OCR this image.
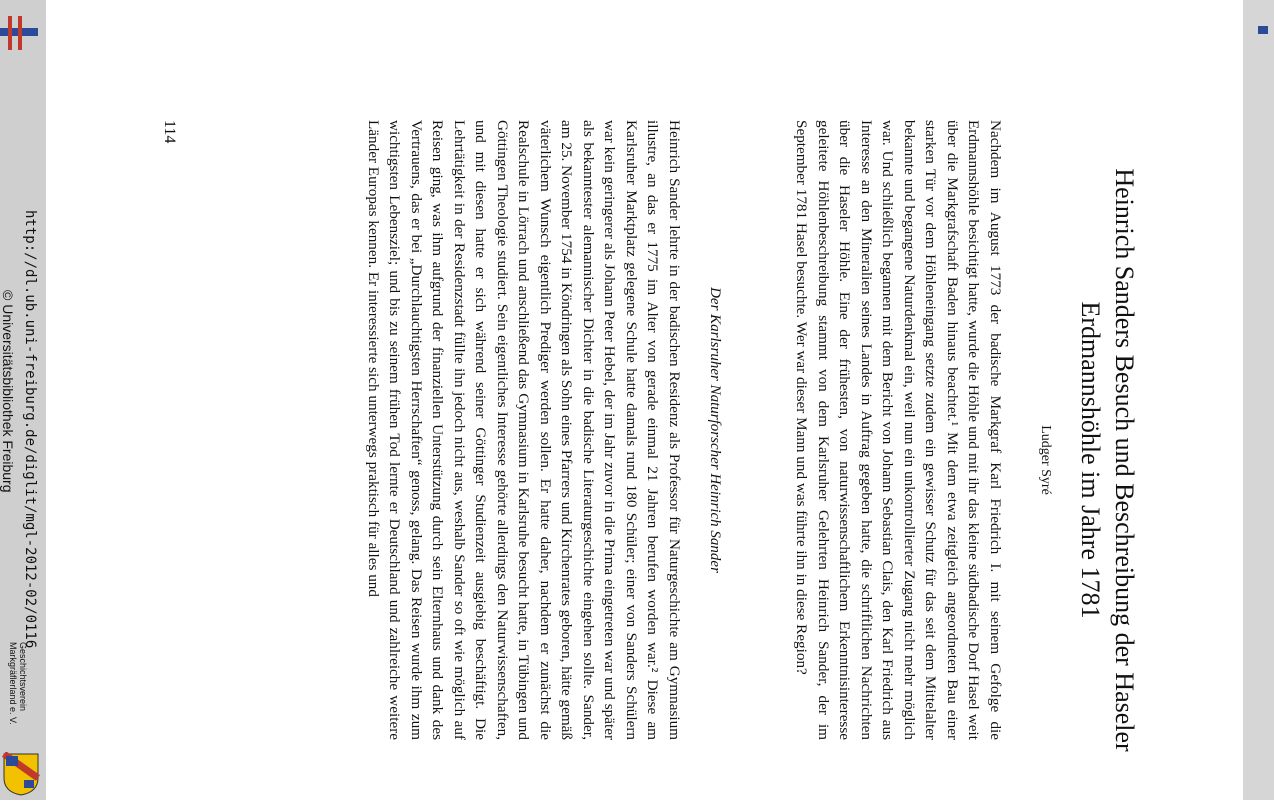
Heinrich Sanders Besuch und Beschreibung der Haseler Erdmannshöhle im Jahre 1781
Ludger Syré
Nachdem im August 1773 der badische Markgraf Karl Friedrich I. mit seinem Gefolge die Erdmannshöhle besichtigt hatte, wurde die Höhle und mit ihr das kleine südbadische Dorf Hasel weit über die Markgrafschaft Baden hinaus beachtet.¹ Mit dem etwa zeitgleich angeordneten Bau einer starken Tür vor dem Höhleneingang setzte zudem ein gewisser Schutz für das seit dem Mittelalter bekannte und begangene Naturdenkmal ein, weil nun ein unkontrollierter Zugang nicht mehr möglich war. Und schließlich begannen mit dem Bericht von Johann Sebastian Clais, den Karl Friedrich aus Interesse an den Mineralien seines Landes in Auftrag gegeben hatte, die schriftlichen Nachrichten über die Haseler Höhle. Eine der frühesten, von naturwissenschaftlichem Erkenntnisinteresse geleitete Höhlenbeschreibung stammt von dem Karlsruher Gelehrten Heinrich Sander, der im September 1781 Hasel besuchte. Wer war dieser Mann und was führte ihn in diese Region?
Der Karlsruher Naturforscher Heinrich Sander
Heinrich Sander lehrte in der badischen Residenz als Professor für Naturgeschichte am Gymnasium illustre, an das er 1775 im Alter von gerade einmal 21 Jahren berufen worden war.² Diese am Karlsruher Marktplatz gelegene Schule hatte damals rund 180 Schüler; einer von Sanders Schülern war kein geringerer als Johann Peter Hebel, der im Jahr zuvor in die Prima eingetreten war und später als bekanntester alemannischer Dichter in die badische Literaturgeschichte eingehen sollte. Sander, am 25. November 1754 in Köndringen als Sohn eines Pfarrers und Kirchenrates geboren, hätte gemäß väterlichem Wunsch eigentlich Prediger werden sollen. Er hatte daher, nachdem er zunächst die Realschule in Lörrach und anschließend das Gymnasium in Karlsruhe besucht hatte, in Tübingen und Göttingen Theologie studiert. Sein eigentliches Interesse gehörte allerdings den Naturwissenschaften, und mit diesen hatte er sich während seiner Göttinger Studienzeit ausgiebig beschäftigt. Die Lehrtätigkeit in der Residenzstadt füllte ihn jedoch nicht aus, weshalb Sander so oft wie möglich auf Reisen ging, was ihm aufgrund der finanziellen Unterstützung durch sein Elternhaus und dank des Vertrauens, das er bei „Durchlauchtigsten Herrschaften“ genoss, gelang. Das Reisen wurde ihm zum wichtigsten Lebensziel; und bis zu seinem frühen Tod lernte er Deutschland und zahlreiche weitere Länder Europas kennen. Er interessierte sich unterwegs praktisch für alles und
114
http://dl.ub.uni-freiburg.de/diglit/mgl-2012-02/0116
© Universitätsbibliothek Freiburg
Geschichtsverein
Markgräflerland e. V.
